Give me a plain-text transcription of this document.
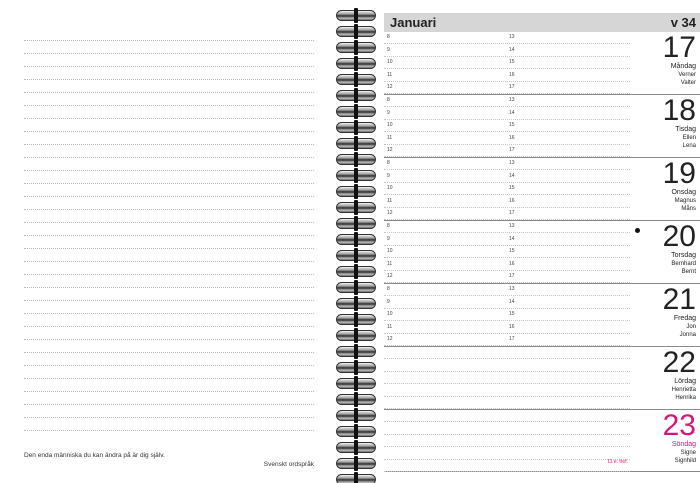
Den enda människa du kan ändra på är dig själv.
Svenskt ordspråk
Januari	v 34
8	13
9	14
10	15
11	16
12	17
17
Måndag
Verner
Valter
8	13
9	14
10	15
11	16
12	17
18
Tisdag
Ellen
Lena
8	13
9	14
10	15
11	16
12	17
19
Onsdag
Magnus
Måns
8	13
9	14
10	15
11	16
12	17
20
Torsdag
Bernhard
Bernt
8	13
9	14
10	15
11	16
12	17
21
Fredag
Jon
Jonna
22
Lördag
Henrietta
Henrika
11 e. tref.
23
Söndag
Signe
Signhild
